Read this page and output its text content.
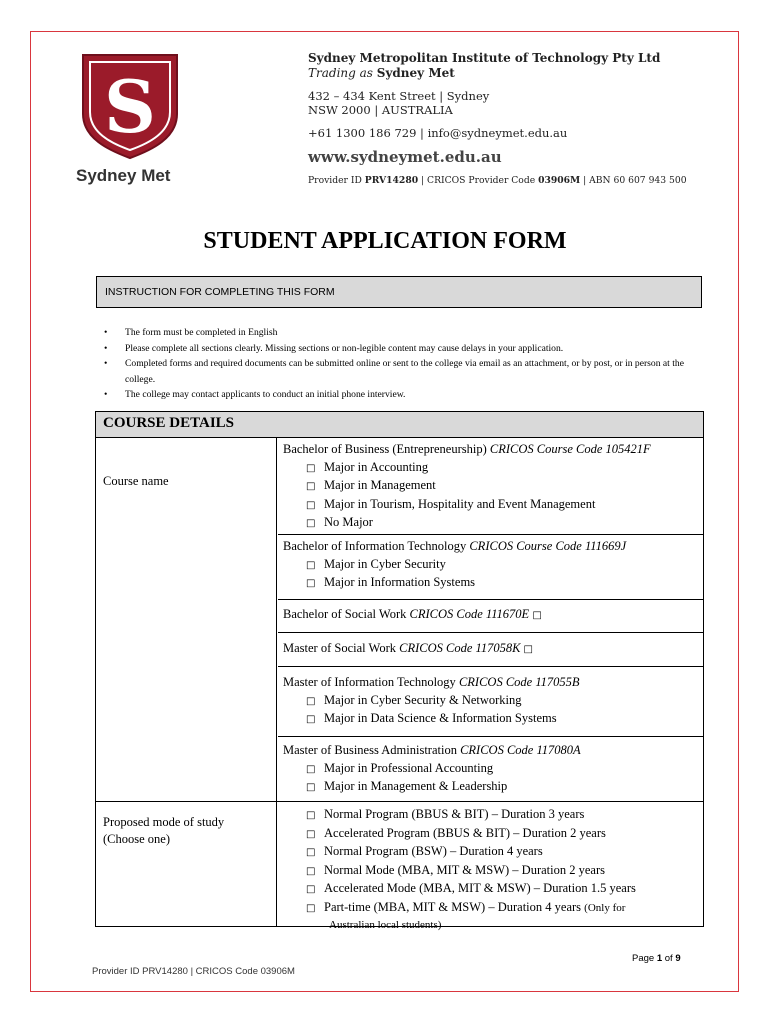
S
Sydney Met
Sydney Metropolitan Institute of Technology Pty Ltd
Trading as Sydney Met
432 – 434 Kent Street | Sydney
NSW 2000 | AUSTRALIA
+61 1300 186 729 | info@sydneymet.edu.au
www.sydneymet.edu.au
Provider ID PRV14280 | CRICOS Provider Code 03906M | ABN 60 607 943 500
STUDENT APPLICATION FORM
INSTRUCTION FOR COMPLETING THIS FORM
• The form must be completed in English
• Please complete all sections clearly. Missing sections or non-legible content may cause delays in your application.
• Completed forms and required documents can be submitted online or sent to the college via email as an attachment, or by post, or in person at the college.
• The college may contact applicants to conduct an initial phone interview.
COURSE DETAILS
Course name
Proposed mode of study
(Choose one)
Bachelor of Business (Entrepreneurship) CRICOS Course Code 105421F
□ Major in Accounting
□ Major in Management
□ Major in Tourism, Hospitality and Event Management
□ No Major
Bachelor of Information Technology CRICOS Course Code 111669J
□ Major in Cyber Security
□ Major in Information Systems
Bachelor of Social Work CRICOS Code 111670E □
Master of Social Work CRICOS Code 117058K □
Master of Information Technology CRICOS Code 117055B
□ Major in Cyber Security & Networking
□ Major in Data Science & Information Systems
Master of Business Administration CRICOS Code 117080A
□ Major in Professional Accounting
□ Major in Management & Leadership
□ Normal Program (BBUS & BIT) – Duration 3 years
□ Accelerated Program (BBUS & BIT) – Duration 2 years
□ Normal Program (BSW) – Duration 4 years
□ Normal Mode (MBA, MIT & MSW) – Duration 2 years
□ Accelerated Mode (MBA, MIT & MSW) – Duration 1.5 years
□ Part-time (MBA, MIT & MSW) – Duration 4 years (Only for
Australian local students)
Page 1 of 9
Provider ID PRV14280 | CRICOS Code 03906M
